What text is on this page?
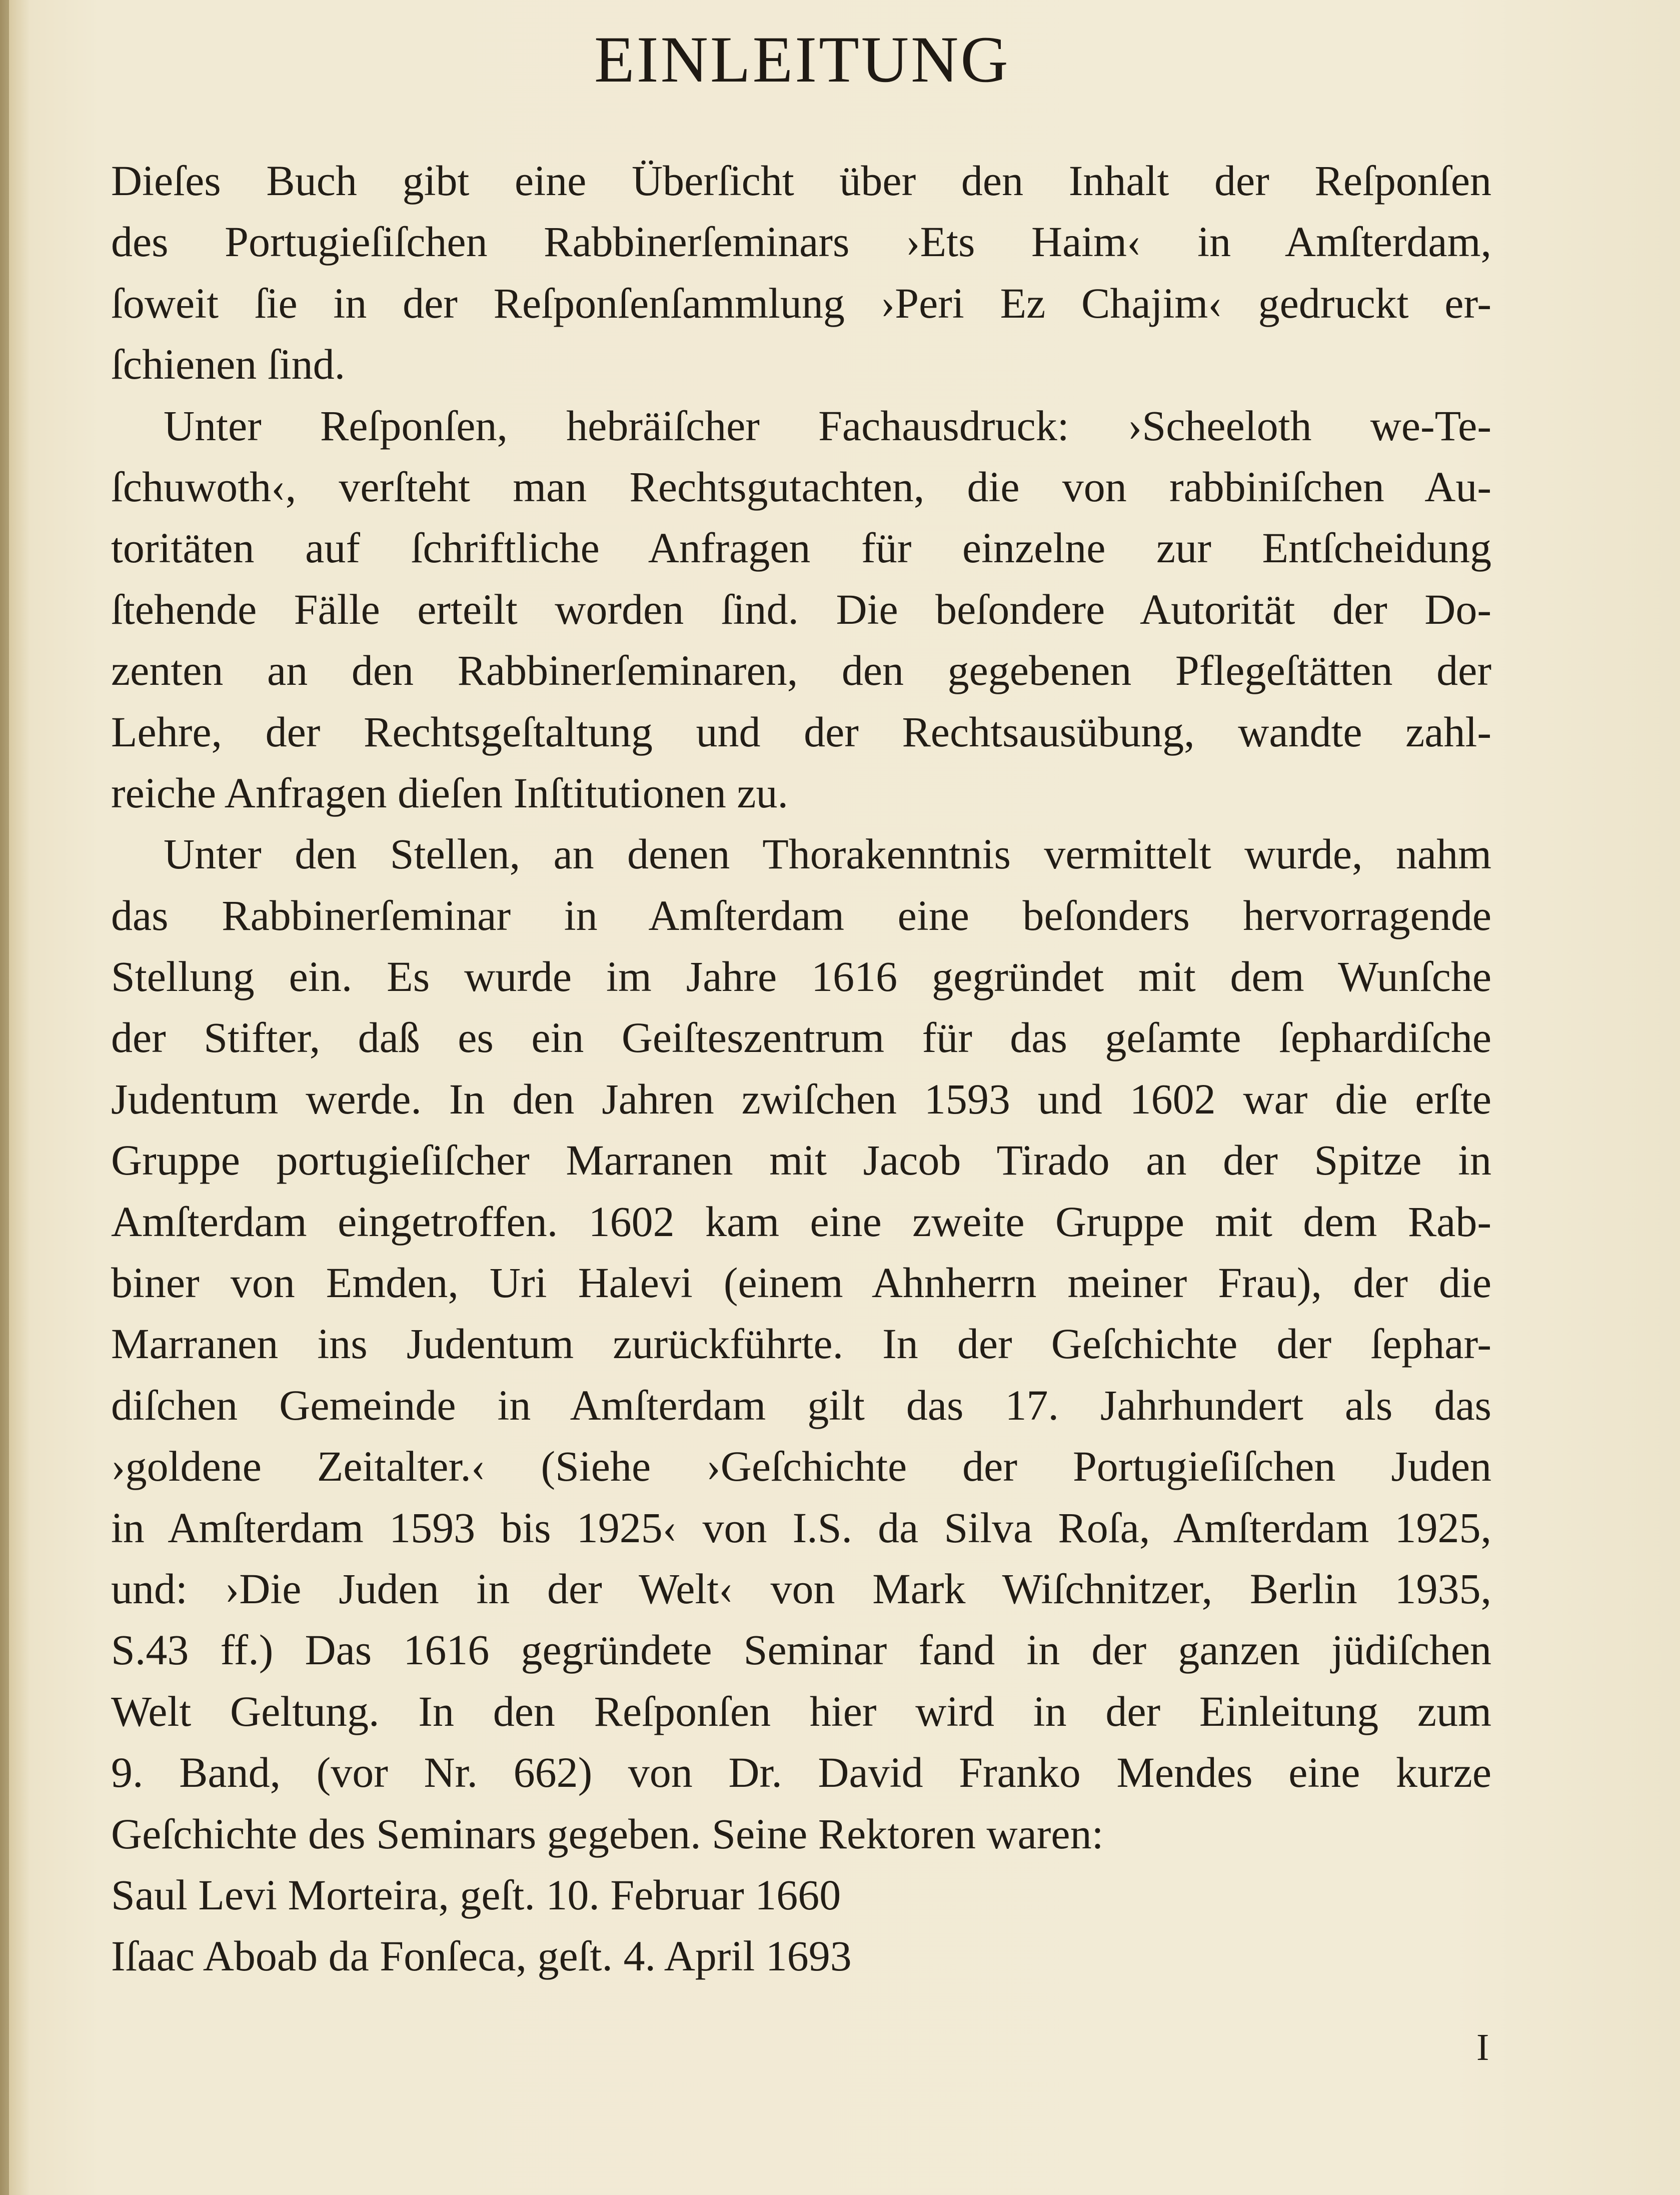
EINLEITUNG
Dieſes Buch gibt eine Überſicht über den Inhalt der Reſponſen
des Portugieſiſchen Rabbinerſeminars ›Ets Haim‹ in Amſterdam,
ſoweit ſie in der Reſponſenſammlung ›Peri Ez Chajim‹ gedruckt er-
ſchienen ſind.
Unter Reſponſen, hebräiſcher Fachausdruck: ›Scheeloth we-Te-
ſchuwoth‹, verſteht man Rechtsgutachten, die von rabbiniſchen Au-
toritäten auf ſchriftliche Anfragen für einzelne zur Entſcheidung
ſtehende Fälle erteilt worden ſind. Die beſondere Autorität der Do-
zenten an den Rabbinerſeminaren, den gegebenen Pflegeſtätten der
Lehre, der Rechtsgeſtaltung und der Rechtsausübung, wandte zahl-
reiche Anfragen dieſen Inſtitutionen zu.
Unter den Stellen, an denen Thorakenntnis vermittelt wurde, nahm
das Rabbinerſeminar in Amſterdam eine beſonders hervorragende
Stellung ein. Es wurde im Jahre 1616 gegründet mit dem Wunſche
der Stifter, daß es ein Geiſteszentrum für das geſamte ſephardiſche
Judentum werde. In den Jahren zwiſchen 1593 und 1602 war die erſte
Gruppe portugieſiſcher Marranen mit Jacob Tirado an der Spitze in
Amſterdam eingetroffen. 1602 kam eine zweite Gruppe mit dem Rab-
biner von Emden, Uri Halevi (einem Ahnherrn meiner Frau), der die
Marranen ins Judentum zurückführte. In der Geſchichte der ſephar-
diſchen Gemeinde in Amſterdam gilt das 17. Jahrhundert als das
›goldene Zeitalter.‹ (Siehe ›Geſchichte der Portugieſiſchen Juden
in Amſterdam 1593 bis 1925‹ von I.S. da Silva Roſa, Amſterdam 1925,
und: ›Die Juden in der Welt‹ von Mark Wiſchnitzer, Berlin 1935,
S.43 ff.) Das 1616 gegründete Seminar fand in der ganzen jüdiſchen
Welt Geltung. In den Reſponſen hier wird in der Einleitung zum
9. Band, (vor Nr. 662) von Dr. David Franko Mendes eine kurze
Geſchichte des Seminars gegeben. Seine Rektoren waren:
Saul Levi Morteira, geſt. 10. Februar 1660
Iſaac Aboab da Fonſeca, geſt. 4. April 1693
I
